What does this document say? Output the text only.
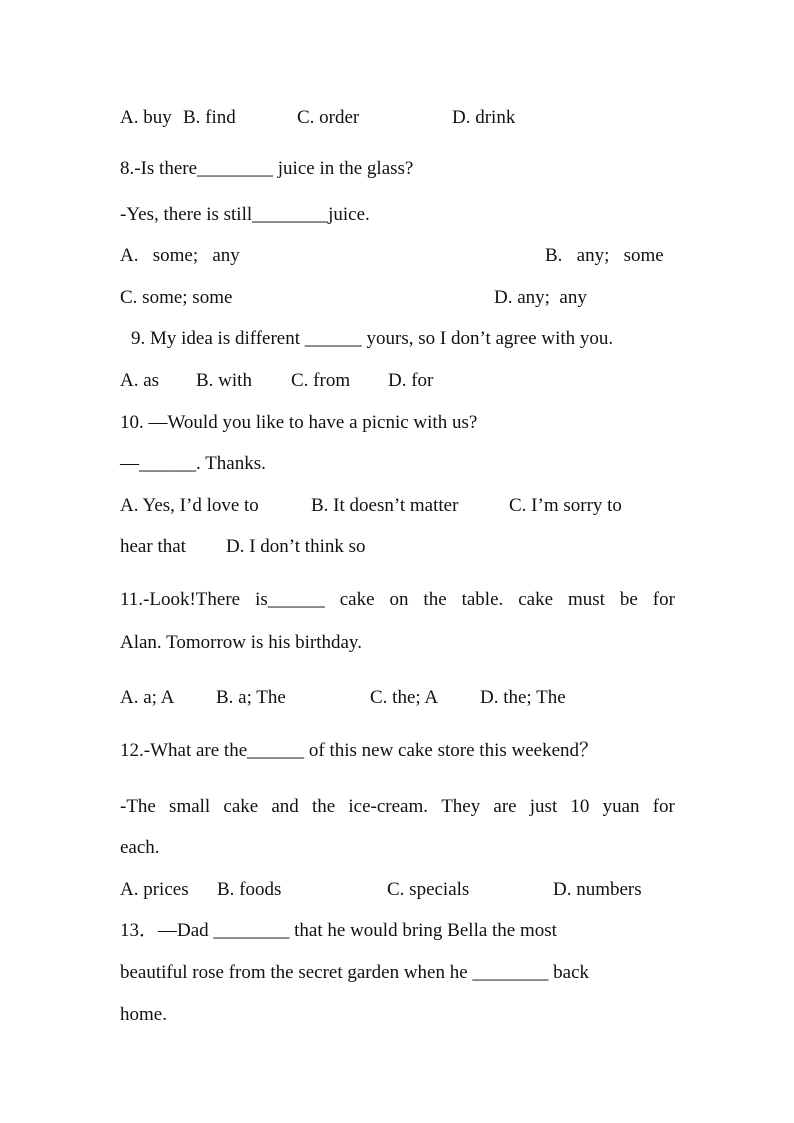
A. buy B. find	C. order	D. drink
8.-Is there________ juice in the glass?
-Yes, there is still________juice.
A.   some;   any	B.   any;   some
C. some; some	D. any;  any
9. My idea is different ______ yours, so I don’t agree with you.
A. as B. with C. from D. for
10. —Would you like to have a picnic with us?
—______. Thanks.
A. Yes, I’d love to	B. It doesn’t matter	C. I’m sorry to
hear that D. I don’t think so
11.-Look!There is______ cake on the table. cake must be for
Alan. Tomorrow is his birthday.
A. a; A B. a; The	C. the; A D. the; The
12.-What are the______ of this new cake store this weekend？
-The small cake and the ice-cream. They are just 10 yuan for
each.
A. prices B. foods	C. specials	D. numbers
13．—Dad ________ that he would bring Bella the most
beautiful rose from the secret garden when he ________ back
home.
